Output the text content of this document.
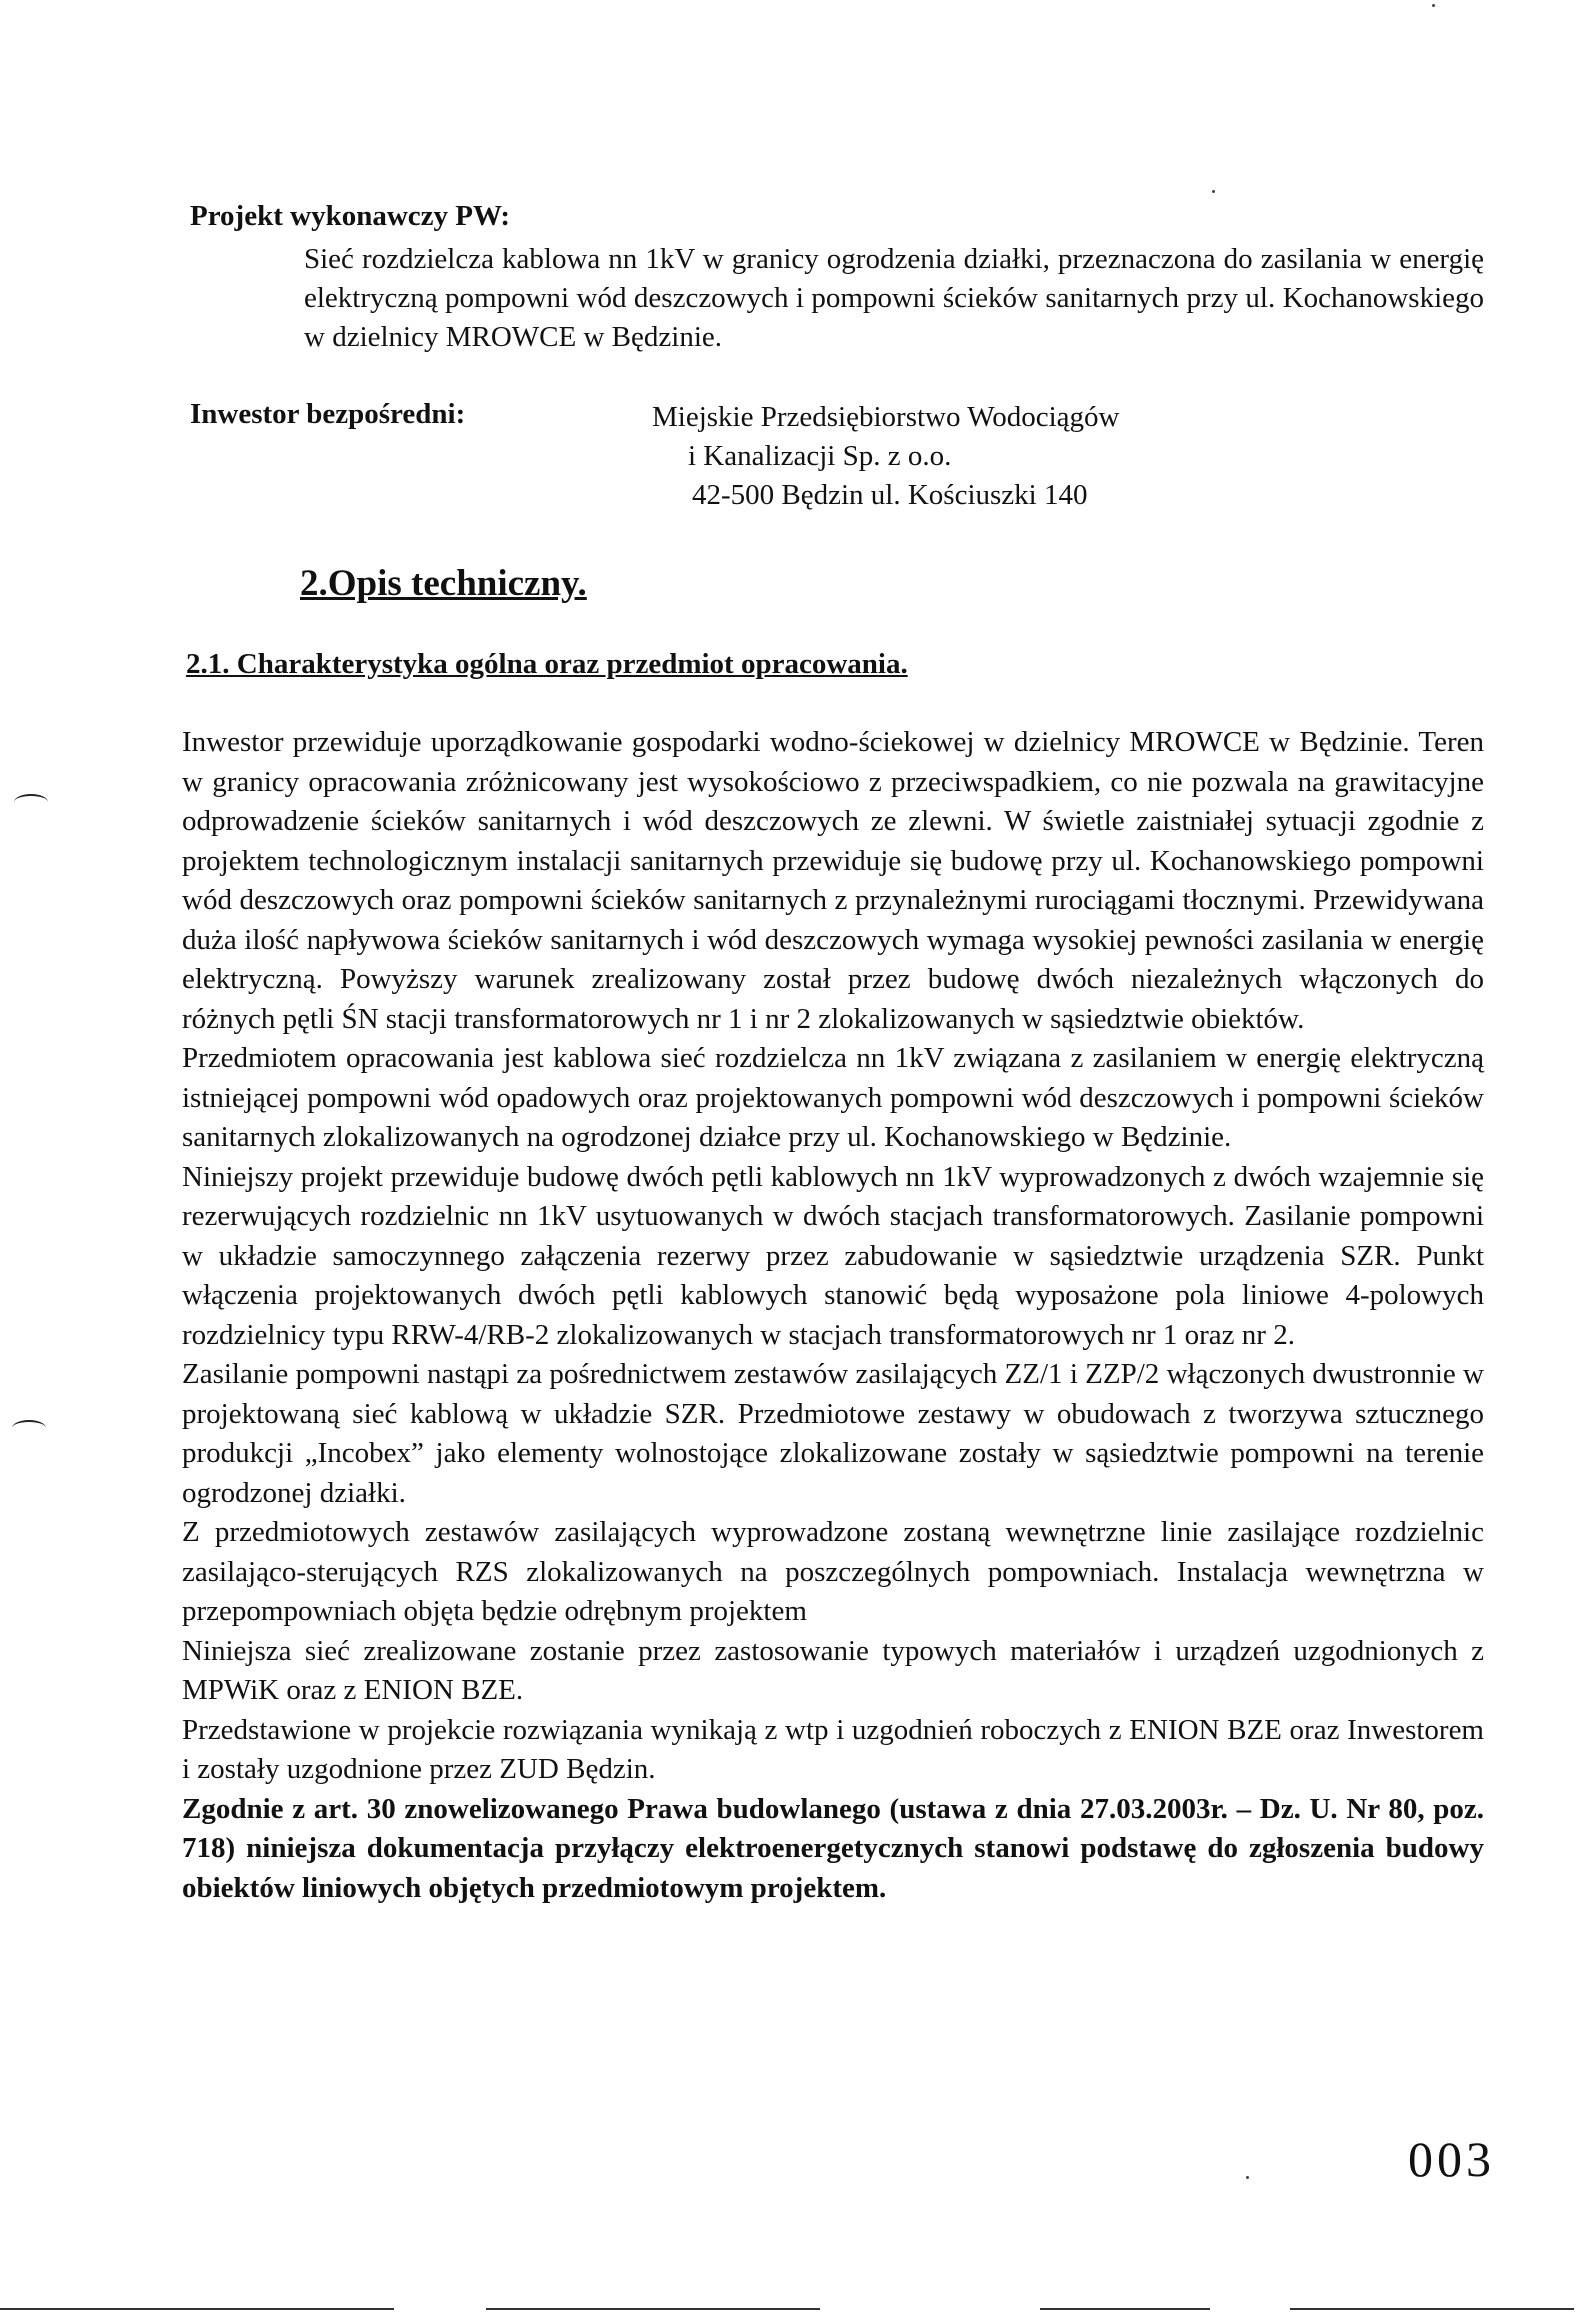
Projekt wykonawczy PW:
Sieć rozdzielcza kablowa nn 1kV w granicy ogrodzenia działki, przeznaczona do zasilania w energię elektryczną pompowni wód deszczowych i pompowni ścieków sanitarnych przy ul. Kochanowskiego w dzielnicy MROWCE w Będzinie.
Inwestor bezpośredni:	Miejskie Przedsiębiorstwo Wodociągów
i Kanalizacji Sp. z o.o.
42-500 Będzin ul. Kościuszki 140
2.Opis techniczny.
2.1. Charakterystyka ogólna oraz przedmiot opracowania.

Inwestor przewiduje uporządkowanie gospodarki wodno-ściekowej w dzielnicy MROWCE w Będzinie. Teren w granicy opracowania zróżnicowany jest wysokościowo z przeciwspadkiem, co nie pozwala na grawitacyjne odprowadzenie ścieków sanitarnych i wód deszczowych ze zlewni. W świetle zaistniałej sytuacji zgodnie z projektem technologicznym instalacji sanitarnych przewiduje się budowę przy ul. Kochanowskiego pompowni wód deszczowych oraz pompowni ścieków sanitarnych z przynależnymi rurociągami tłocznymi. Przewidywana duża ilość napływowa ścieków sanitarnych i wód deszczowych wymaga wysokiej pewności zasilania w energię elektryczną. Powyższy warunek zrealizowany został przez budowę dwóch niezależnych włączonych do różnych pętli ŚN stacji transformatorowych nr 1 i nr 2 zlokalizowanych w sąsiedztwie obiektów.

Przedmiotem opracowania jest kablowa sieć rozdzielcza nn 1kV związana z zasilaniem w energię elektryczną istniejącej pompowni wód opadowych oraz projektowanych pompowni wód deszczowych i pompowni ścieków sanitarnych zlokalizowanych na ogrodzonej działce przy ul. Kochanowskiego w Będzinie.

Niniejszy projekt przewiduje budowę dwóch pętli kablowych nn 1kV wyprowadzonych z dwóch wzajemnie się rezerwujących rozdzielnic nn 1kV usytuowanych w dwóch stacjach transformatorowych. Zasilanie pompowni w układzie samoczynnego załączenia rezerwy przez zabudowanie w sąsiedztwie urządzenia SZR. Punkt włączenia projektowanych dwóch pętli kablowych stanowić będą wyposażone pola liniowe 4-polowych rozdzielnicy typu RRW-4/RB-2 zlokalizowanych w stacjach transformatorowych nr 1 oraz nr 2.

Zasilanie pompowni nastąpi za pośrednictwem zestawów zasilających ZZ/1 i ZZP/2 włączonych dwustronnie w projektowaną sieć kablową w układzie SZR. Przedmiotowe zestawy w obudowach z tworzywa sztucznego produkcji „Incobex” jako elementy wolnostojące zlokalizowane zostały w sąsiedztwie pompowni na terenie ogrodzonej działki.

Z przedmiotowych zestawów zasilających wyprowadzone zostaną wewnętrzne linie zasilające rozdzielnic zasilająco-sterujących RZS zlokalizowanych na poszczególnych pompowniach. Instalacja wewnętrzna w przepompowniach objęta będzie odrębnym projektem

Niniejsza sieć zrealizowane zostanie przez zastosowanie typowych materiałów i urządzeń uzgodnionych z MPWiK oraz z ENION BZE.

Przedstawione w projekcie rozwiązania wynikają z wtp i uzgodnień roboczych z ENION BZE oraz Inwestorem i zostały uzgodnione przez ZUD Będzin.

Zgodnie z art. 30 znowelizowanego Prawa budowlanego (ustawa z dnia 27.03.2003r. – Dz. U. Nr 80, poz. 718) niniejsza dokumentacja przyłączy elektroenergetycznych stanowi podstawę do zgłoszenia budowy obiektów liniowych objętych przedmiotowym projektem.

003
